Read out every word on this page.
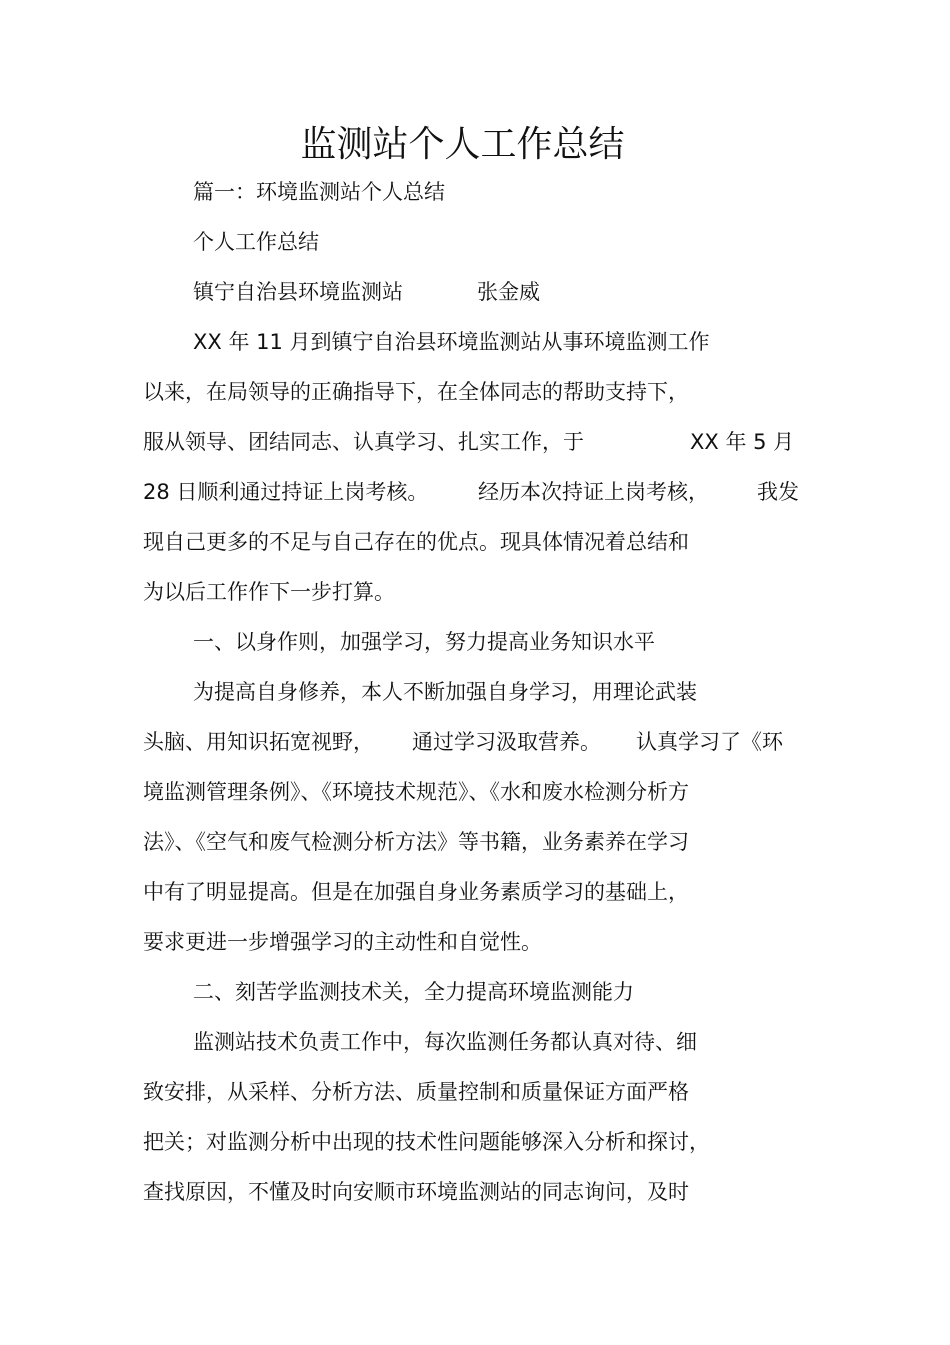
监测站个人工作总结
篇一：环境监测站个人总结
个人工作总结
镇宁自治县环境监测站	张金威
XX 年 11 月到镇宁自治县环境监测站从事环境监测工作
以来，在局领导的正确指导下，在全体同志的帮助支持下，
服从领导、团结同志、认真学习、扎实工作，于	XX 年 5 月
28 日顺利通过持证上岗考核。 经历本次持证上岗考核， 我发
现自己更多的不足与自己存在的优点。现具体情况着总结和
为以后工作作下一步打算。
一、以身作则，加强学习，努力提高业务知识水平
为提高自身修养，本人不断加强自身学习，用理论武装
头脑、用知识拓宽视野， 通过学习汲取营养。 认真学习了《环
境监测管理条例》、《环境技术规范》、《水和废水检测分析方
法》、《空气和废气检测分析方法》等书籍，业务素养在学习
中有了明显提高。但是在加强自身业务素质学习的基础上，
要求更进一步增强学习的主动性和自觉性。
二、刻苦学监测技术关，全力提高环境监测能力
监测站技术负责工作中，每次监测任务都认真对待、细
致安排，从采样、分析方法、质量控制和质量保证方面严格
把关；对监测分析中出现的技术性问题能够深入分析和探讨，
查找原因，不懂及时向安顺市环境监测站的同志询问，及时
